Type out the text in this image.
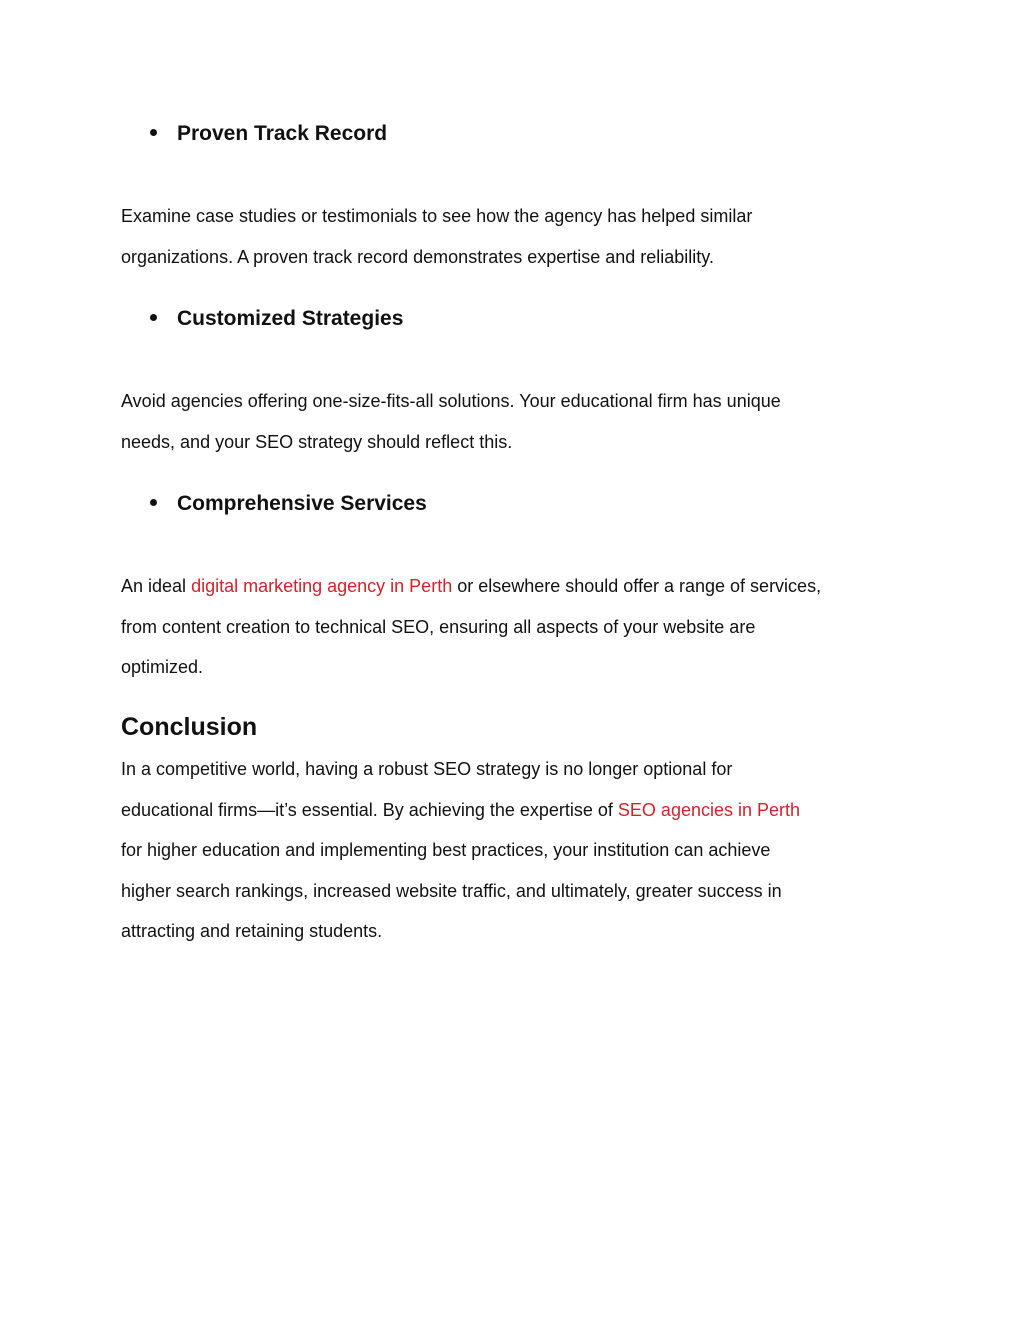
Proven Track Record
Examine case studies or testimonials to see how the agency has helped similar
organizations. A proven track record demonstrates expertise and reliability.
Customized Strategies
Avoid agencies offering one-size-fits-all solutions. Your educational firm has unique
needs, and your SEO strategy should reflect this.
Comprehensive Services
An ideal digital marketing agency in Perth or elsewhere should offer a range of services,
from content creation to technical SEO, ensuring all aspects of your website are
optimized.
Conclusion
In a competitive world, having a robust SEO strategy is no longer optional for
educational firms—it’s essential. By achieving the expertise of SEO agencies in Perth
for higher education and implementing best practices, your institution can achieve
higher search rankings, increased website traffic, and ultimately, greater success in
attracting and retaining students.
